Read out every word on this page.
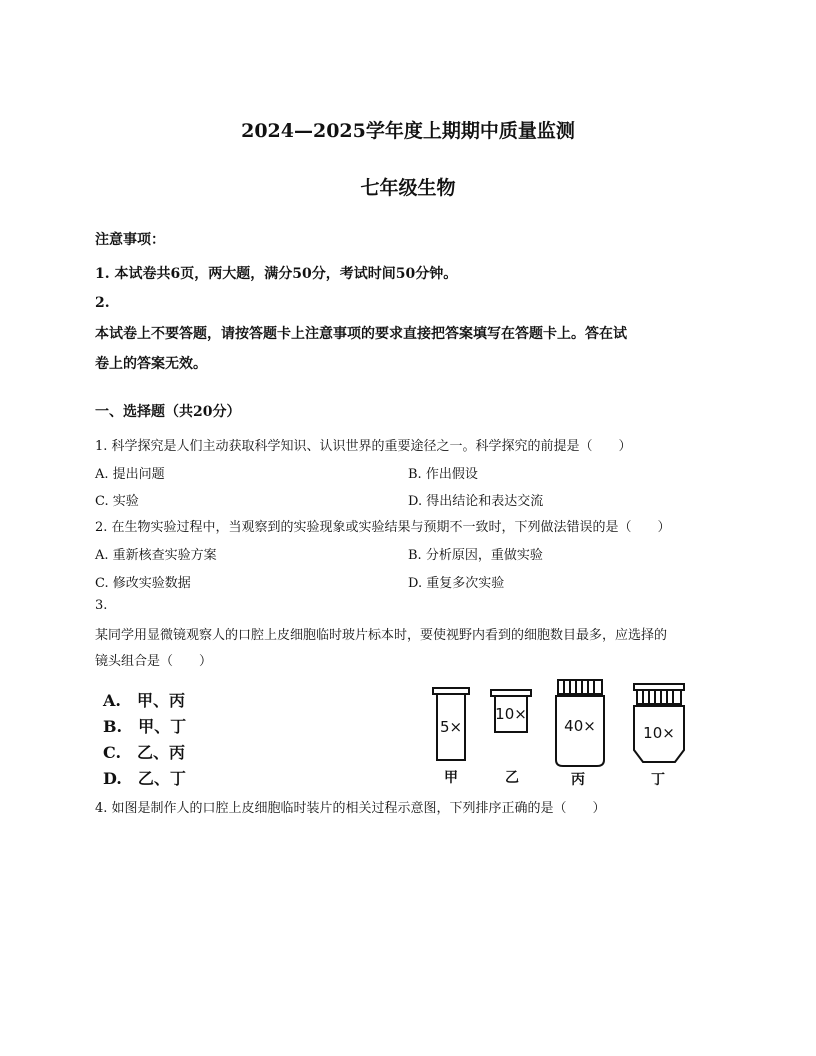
2024—2025学年度上期期中质量监测
七年级生物
注意事项：
1. 本试卷共6页，两大题，满分50分，考试时间50分钟。
2.
本试卷上不要答题，请按答题卡上注意事项的要求直接把答案填写在答题卡上。答在试
卷上的答案无效。
一、选择题（共20分）
1. 科学探究是人们主动获取科学知识、认识世界的重要途径之一。科学探究的前提是（　　）
A. 提出问题	B. 作出假设
C. 实验	D. 得出结论和表达交流
2. 在生物实验过程中，当观察到的实验现象或实验结果与预期不一致时，下列做法错误的是（　　）
A. 重新核查实验方案	B. 分析原因，重做实验
C. 修改实验数据	D. 重复多次实验
3.
某同学用显微镜观察人的口腔上皮细胞临时玻片标本时，要使视野内看到的细胞数目最多，应选择的
镜头组合是（　　）
A.　甲、丙
B.　甲、丁
C.　乙、丙
D.　乙、丁
5×
甲
10×
乙
40×
丙
10×
丁
4. 如图是制作人的口腔上皮细胞临时装片的相关过程示意图，下列排序正确的是（　　）
